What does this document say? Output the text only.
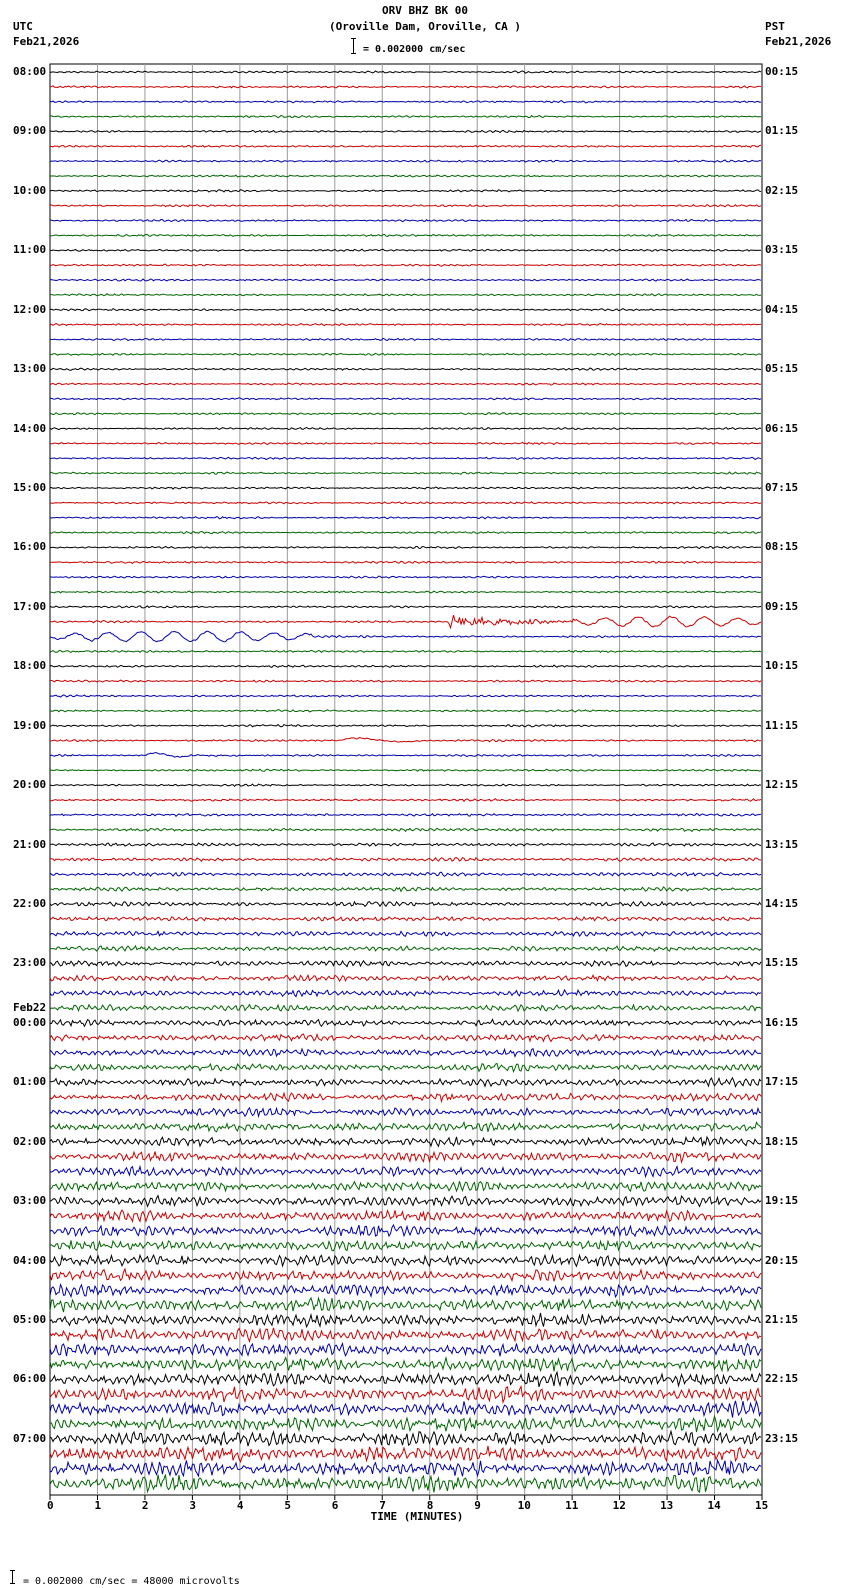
ORV BHZ BK 00
(Oroville Dam, Oroville, CA )
= 0.002000 cm/sec
UTC
Feb21,2026
PST
Feb21,2026
08:00
09:00
10:00
11:00
12:00
13:00
14:00
15:00
16:00
17:00
18:00
19:00
20:00
21:00
22:00
23:00
00:00
01:00
02:00
03:00
04:00
05:00
06:00
07:00
Feb22
00:15
01:15
02:15
03:15
04:15
05:15
06:15
07:15
08:15
09:15
10:15
11:15
12:15
13:15
14:15
15:15
16:15
17:15
18:15
19:15
20:15
21:15
22:15
23:15
0	1	2	3	4	5	6	7	8	9	10	11	12	13	14	15
TIME (MINUTES)
= 0.002000 cm/sec = 48000 microvolts
